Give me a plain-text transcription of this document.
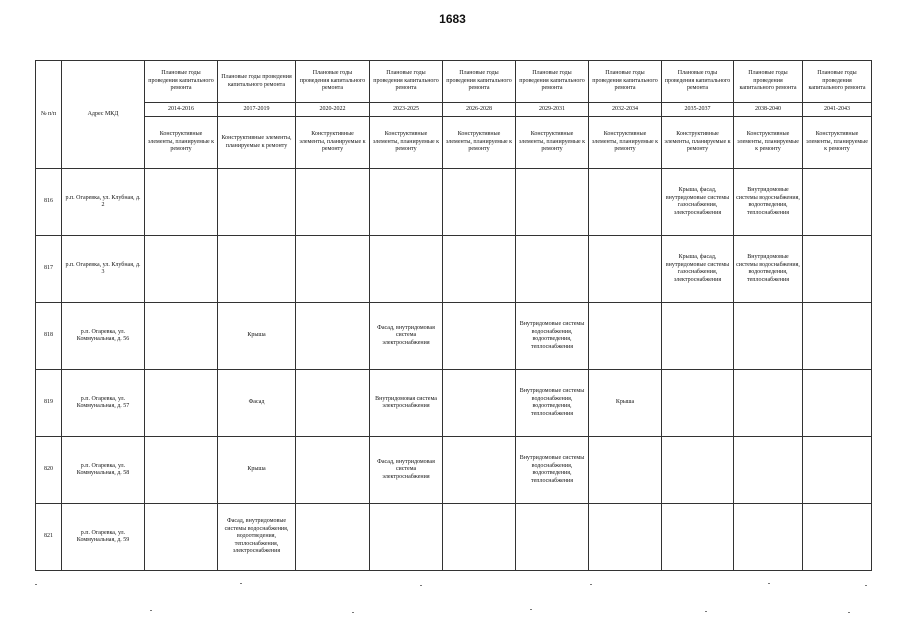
1683
№ п/п	Адрес МКД	Плановые годы проведения капитального ремонта	Плановые годы проведения капитального ремонта	Плановые годы проведения капитального ремонта	Плановые годы проведения капитального ремонта	Плановые годы проведения капитального ремонта	Плановые годы проведения капитального ремонта	Плановые годы проведения капитального ремонта	Плановые годы проведения капитального ремонта	Плановые годы проведения капитального ремонта	Плановые годы проведения капитального ремонта
		2014-2016	2017-2019	2020-2022	2023-2025	2026-2028	2029-2031	2032-2034	2035-2037	2038-2040	2041-2043
		Конструктивные элементы, планируемые к ремонту	Конструктивные элементы, планируемые к ремонту	Конструктивные элементы, планируемые к ремонту	Конструктивные элементы, планируемые к ремонту	Конструктивные элементы, планируемые к ремонту	Конструктивные элементы, планируемые к ремонту	Конструктивные элементы, планируемые к ремонту	Конструктивные элементы, планируемые к ремонту	Конструктивные элементы, планируемые к ремонту	Конструктивные элементы, планируемые к ремонту
816	р.п. Огаревка, ул. Клубная, д. 2								Крыша, фасад, внутридомовые системы газоснабжения, электроснабжения	Внутридомовые системы водоснабжения, водоотведения, теплоснабжения	
817	р.п. Огаревка, ул. Клубная, д. 3								Крыша, фасад, внутридомовые системы газоснабжения, электроснабжения	Внутридомовые системы водоснабжения, водоотведения, теплоснабжения	
818	р.п. Огаревка, ул. Коммунальная, д. 56		Крыша		Фасад, внутридомовая система электроснабжения		Внутридомовые системы водоснабжения, водоотведения, теплоснабжения				
819	р.п. Огаревка, ул. Коммунальная, д. 57		Фасад		Внутридомовая система электроснабжения		Внутридомовые системы водоснабжения, водоотведения, теплоснабжения	Крыша			
820	р.п. Огаревка, ул. Коммунальная, д. 58		Крыша		Фасад, внутридомовая система электроснабжения		Внутридомовые системы водоснабжения, водоотведения, теплоснабжения				
821	р.п. Огаревка, ул. Коммунальная, д. 59		Фасад, внутридомовые системы водоснабжения, водоотведения, теплоснабжения, электроснабжения								
